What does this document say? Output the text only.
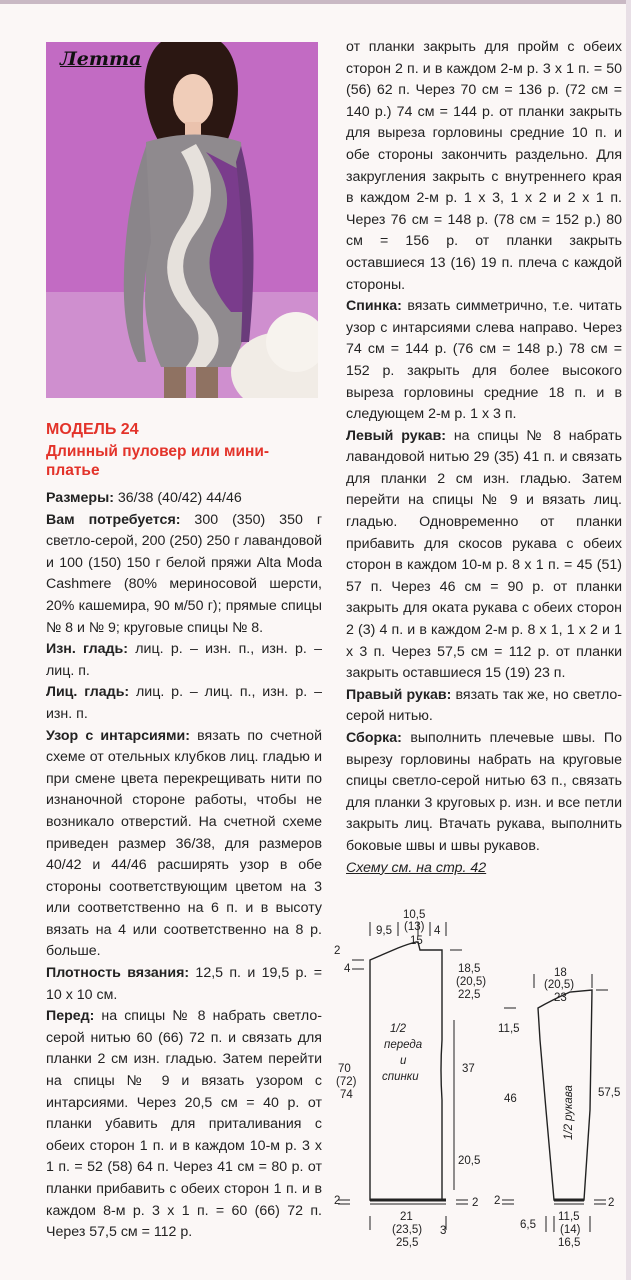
Летта
МОДЕЛЬ 24
Длинный пуловер или мини-платье

Размеры: 36/38 (40/42) 44/46

Вам потребуется: 300 (350) 350 г светло-серой, 200 (250) 250 г лавандовой и 100 (150) 150 г белой пряжи Alta Moda Cashmere (80% мериносовой шерсти, 20% кашемира, 90 м/50 г); прямые спицы № 8 и № 9; круговые спицы № 8.

Изн. гладь: лиц. р. – изн. п., изн. р. – лиц. п.

Лиц. гладь: лиц. р. – лиц. п., изн. р. – изн. п.

Узор с интарсиями: вязать по счетной схеме от отельных клубков лиц. гладью и при смене цвета перекрещивать нити по изнаночной стороне работы, чтобы не возникало отверстий. На счетной схеме приведен размер 36/38, для размеров 40/42 и 44/46 расширять узор в обе стороны соответствующим цветом на 3 или соответственно на 6 п. и в высоту вязать на 4 или соответственно на 8 р. больше.

Плотность вязания: 12,5 п. и 19,5 р. = 10 х 10 см.

Перед: на спицы № 8 набрать светло-серой нитью 60 (66) 72 п. и связать для планки 2 см изн. гладью. Затем перейти на спицы № 9 и вязать узором с интарсиями. Через 20,5 см = 40 р. от планки убавить для приталивания с обеих сторон 1 п. и в каждом 10-м р. 3 х 1 п. = 52 (58) 64 п. Через 41 см = 80 р. от планки прибавить с обеих сторон 1 п. и в каждом 8-м р. 3 х 1 п. = 60 (66) 72 п. Через 57,5 см = 112 р.

от планки закрыть для пройм с обеих сторон 2 п. и в каждом 2-м р. 3 х 1 п. = 50 (56) 62 п. Через 70 см = 136 р. (72 см = 140 р.) 74 см = 144 р. от планки закрыть для выреза горловины средние 10 п. и обе стороны закончить раздельно. Для закругления закрыть с внутреннего края в каждом 2-м р. 1 х 3, 1 х 2 и 2 х 1 п. Через 76 см = 148 р. (78 см = 152 р.) 80 см = 156 р. от планки закрыть оставшиеся 13 (16) 19 п. плеча с каждой стороны.

Спинка: вязать симметрично, т.е. читать узор с интарсиями слева направо. Через 74 см = 144 р. (76 см = 148 р.) 78 см = 152 р. закрыть для более высокого выреза горловины средние 18 п. и в следующем 2-м р. 1 х 3 п.

Левый рукав: на спицы № 8 набрать лавандовой нитью 29 (35) 41 п. и связать для планки 2 см изн. гладью. Затем перейти на спицы № 9 и вязать лиц. гладью. Одновременно от планки прибавить для скосов рукава с обеих сторон в каждом 10-м р. 8 х 1 п. = 45 (51) 57 п. Через 46 см = 90 р. от планки закрыть для оката рукава с обеих сторон 2 (3) 4 п. и в каждом 2-м р. 8 х 1, 1 х 2 и 1 х 3 п. Через 57,5 см = 112 р. от планки закрыть оставшиеся 15 (19) 23 п.

Правый рукав: вязать так же, но светло-серой нитью.

Сборка: выполнить плечевые швы. По вырезу горловины набрать на круговые спицы светло-серой нитью 63 п., связать для планки 3 круговых р. изн. и все петли закрыть лиц. Втачать рукава, выполнить боковые швы и швы рукавов.

Схему см. на стр. 42

9,5
10,5
(13) 4
15
2
4	18,5
(20,5)
22,5
70
(72)
74
1/2
переда
и
спинки
37
20,5
2	2
21
(23,5)
25,5
3
18
(20,5)
23
11,5
46	57,5
1/2 рукава
2	2
6,5
11,5
(14)
16,5
